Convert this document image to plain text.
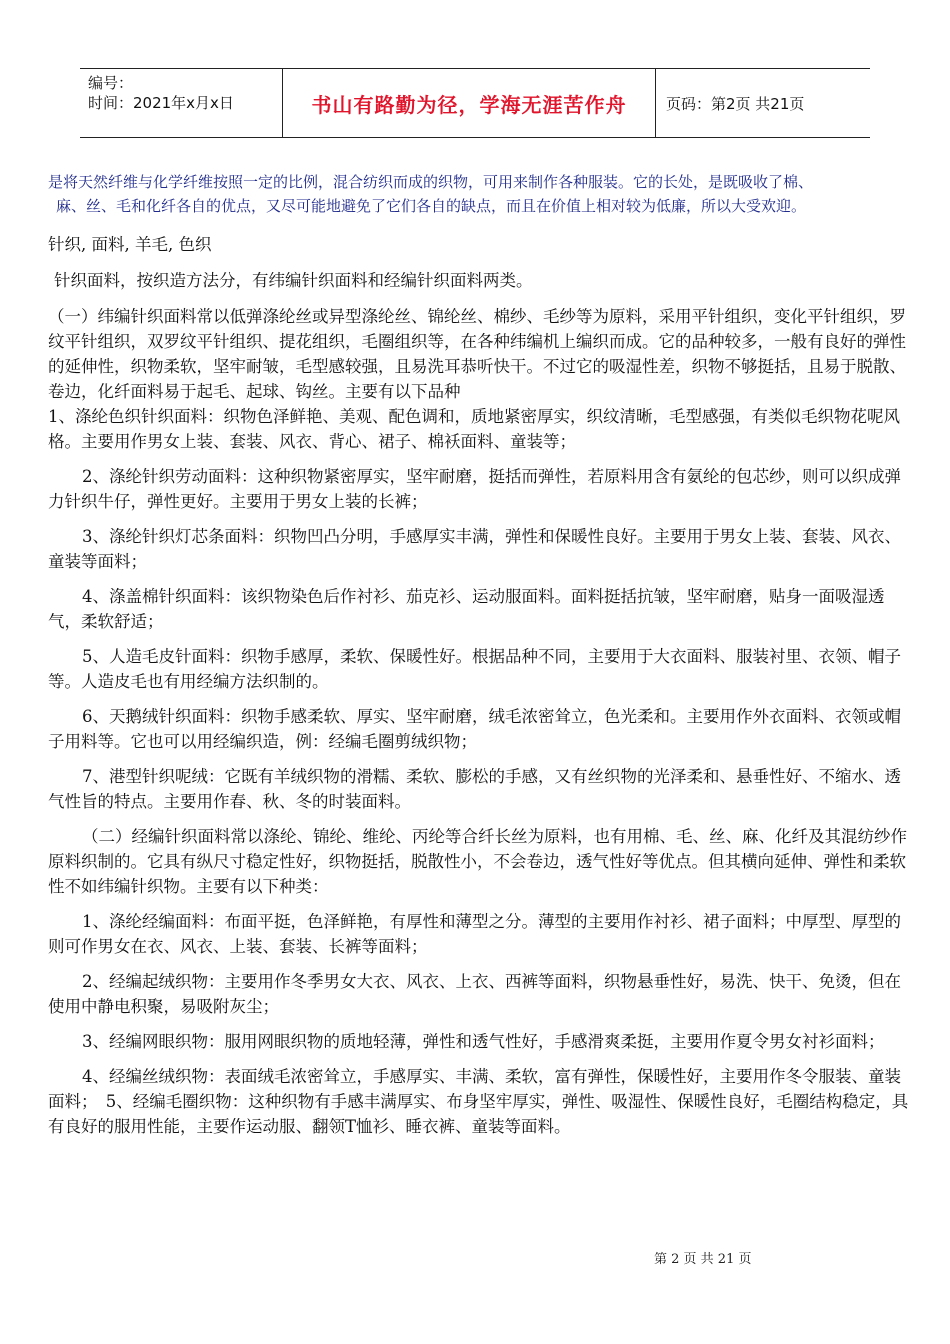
编号：
时间：2021年x月x日	书山有路勤为径，学海无涯苦作舟	页码：第2页 共21页

是将天然纤维与化学纤维按照一定的比例，混合纺织而成的织物，可用来制作各种服装。它的长处，是既吸收了棉、
麻、丝、毛和化纤各自的优点，又尽可能地避免了它们各自的缺点，而且在价值上相对较为低廉，所以大受欢迎。

针织, 面料, 羊毛, 色织

针织面料，按织造方法分，有纬编针织面料和经编针织面料两类。

（一）纬编针织面料常以低弹涤纶丝或异型涤纶丝、锦纶丝、棉纱、毛纱等为原料，采用平针组织，变化平针组织，罗纹平针组织，双罗纹平针组织、提花组织，毛圈组织等，在各种纬编机上编织而成。它的品种较多，一般有良好的弹性的延伸性，织物柔软，坚牢耐皱，毛型感较强，且易洗耳恭听快干。不过它的吸湿性差，织物不够挺括，且易于脱散、卷边，化纤面料易于起毛、起球、钩丝。主要有以下品种

1、涤纶色织针织面料：织物色泽鲜艳、美观、配色调和，质地紧密厚实，织纹清晰，毛型感强，有类似毛织物花呢风格。主要用作男女上装、套装、风衣、背心、裙子、棉袄面料、童装等；

2、涤纶针织劳动面料：这种织物紧密厚实，坚牢耐磨，挺括而弹性，若原料用含有氨纶的包芯纱，则可以织成弹力针织牛仔，弹性更好。主要用于男女上装的长裤；

3、涤纶针织灯芯条面料：织物凹凸分明，手感厚实丰满，弹性和保暖性良好。主要用于男女上装、套装、风衣、童装等面料；

4、涤盖棉针织面料：该织物染色后作衬衫、茄克衫、运动服面料。面料挺括抗皱，坚牢耐磨，贴身一面吸湿透气，柔软舒适；

5、人造毛皮针面料：织物手感厚，柔软、保暖性好。根据品种不同，主要用于大衣面料、服装衬里、衣领、帽子等。人造皮毛也有用经编方法织制的。

6、天鹅绒针织面料：织物手感柔软、厚实、坚牢耐磨，绒毛浓密耸立，色光柔和。主要用作外衣面料、衣领或帽子用料等。它也可以用经编织造，例：经编毛圈剪绒织物；

7、港型针织呢绒：它既有羊绒织物的滑糯、柔软、膨松的手感，又有丝织物的光泽柔和、悬垂性好、不缩水、透气性旨的特点。主要用作春、秋、冬的时装面料。

（二）经编针织面料常以涤纶、锦纶、维纶、丙纶等合纤长丝为原料，也有用棉、毛、丝、麻、化纤及其混纺纱作原料织制的。它具有纵尺寸稳定性好，织物挺括，脱散性小，不会卷边，透气性好等优点。但其横向延伸、弹性和柔软性不如纬编针织物。主要有以下种类：

1、涤纶经编面料：布面平挺，色泽鲜艳，有厚性和薄型之分。薄型的主要用作衬衫、裙子面料；中厚型、厚型的则可作男女在衣、风衣、上装、套装、长裤等面料；

2、经编起绒织物：主要用作冬季男女大衣、风衣、上衣、西裤等面料，织物悬垂性好，易洗、快干、免烫，但在使用中静电积聚，易吸附灰尘；

3、经编网眼织物：服用网眼织物的质地轻薄，弹性和透气性好，手感滑爽柔挺，主要用作夏令男女衬衫面料；

4、经编丝绒织物：表面绒毛浓密耸立，手感厚实、丰满、柔软，富有弹性，保暖性好，主要用作冬令服装、童装面料；　5、经编毛圈织物：这种织物有手感丰满厚实、布身坚牢厚实，弹性、吸湿性、保暖性良好，毛圈结构稳定，具有良好的服用性能，主要作运动服、翻领T恤衫、睡衣裤、童装等面料。

第 2 页 共 21 页
